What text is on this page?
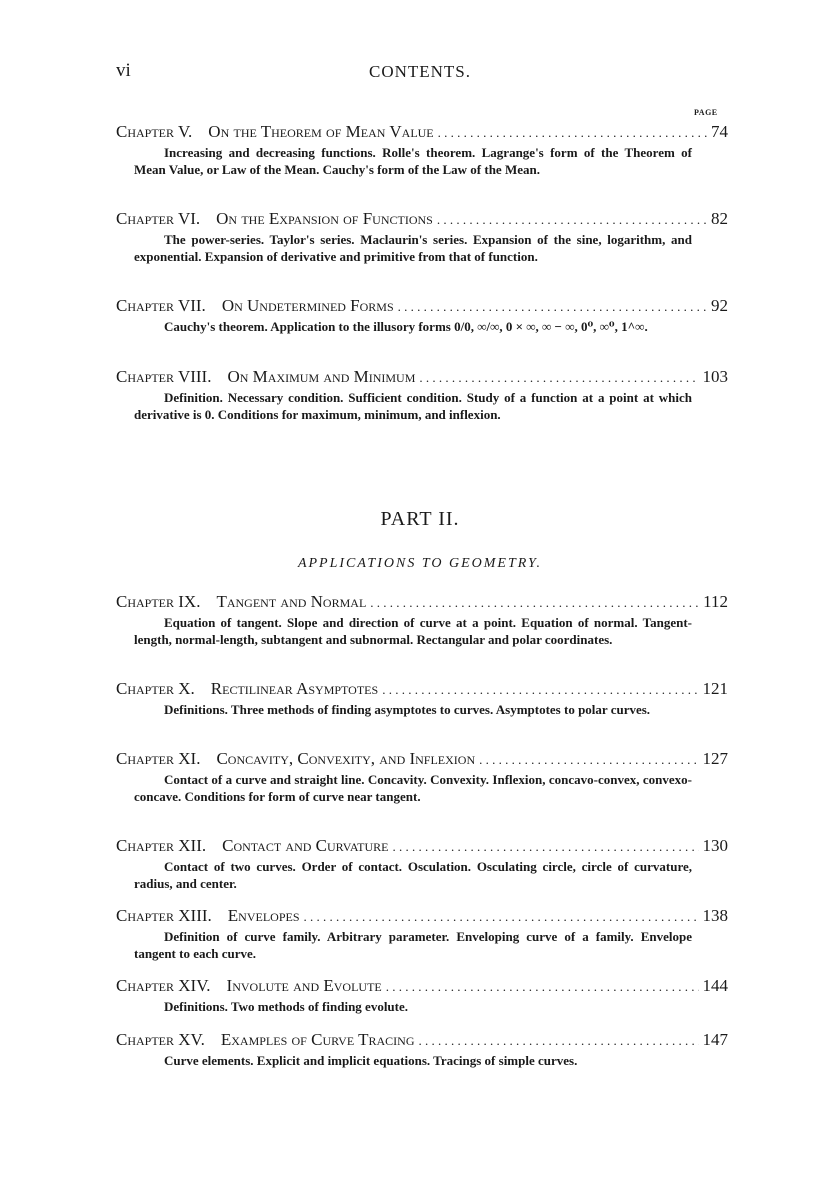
vi	CONTENTS.
PAGE
Chapter V. On the Theorem of Mean Value . . .	74

Increasing and decreasing functions. Rolle's theorem. Lagrange's form of the Theorem of Mean Value, or Law of the Mean. Cauchy's form of the Law of the Mean.

Chapter VI. On the Expansion of Functions . . .	82

The power-series. Taylor's series. Maclaurin's series. Expansion of the sine, logarithm, and exponential. Expansion of derivative and primitive from that of function.

Chapter VII. On Undetermined Forms . . .	92

Cauchy's theorem. Application to the illusory forms 0/0, ∞/∞, 0 × ∞, ∞ − ∞, 0⁰, ∞⁰, 1^∞.

Chapter VIII. On Maximum and Minimum . . .	103

Definition. Necessary condition. Sufficient condition. Study of a function at a point at which derivative is 0. Conditions for maximum, minimum, and inflexion.

PART II.
APPLICATIONS TO GEOMETRY.
Chapter IX. Tangent and Normal . . .	112

Equation of tangent. Slope and direction of curve at a point. Equation of normal. Tangent-length, normal-length, subtangent and subnormal. Rectangular and polar coordinates.

Chapter X. Rectilinear Asymptotes . . .	121

Definitions. Three methods of finding asymptotes to curves. Asymptotes to polar curves.

Chapter XI. Concavity, Convexity, and Inflexion . . .	127

Contact of a curve and straight line. Concavity. Convexity. Inflexion, concavo-convex, convexo-concave. Conditions for form of curve near tangent.

Chapter XII. Contact and Curvature . . .	130

Contact of two curves. Order of contact. Osculation. Osculating circle, circle of curvature, radius, and center.

Chapter XIII. Envelopes . . .	138

Definition of curve family. Arbitrary parameter. Enveloping curve of a family. Envelope tangent to each curve.

Chapter XIV. Involute and Evolute . . .	144

Definitions. Two methods of finding evolute.

Chapter XV. Examples of Curve Tracing . . .	147

Curve elements. Explicit and implicit equations. Tracings of simple curves.
